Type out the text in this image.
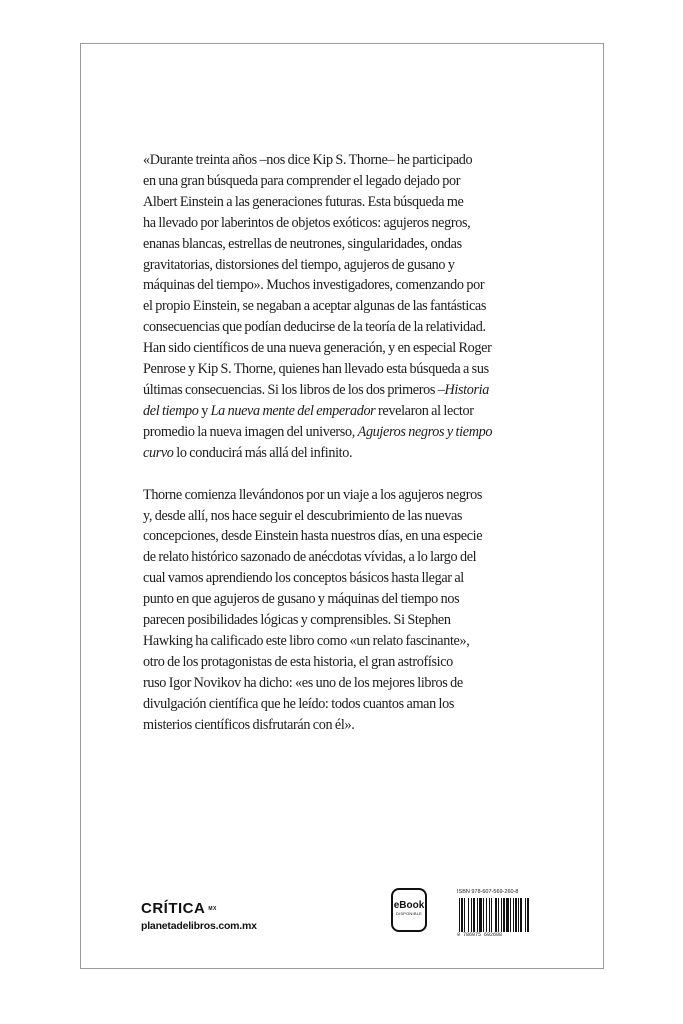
«Durante treinta años –nos dice Kip S. Thorne– he participado
en una gran búsqueda para comprender el legado dejado por
Albert Einstein a las generaciones futuras. Esta búsqueda me
ha llevado por laberintos de objetos exóticos: agujeros negros,
enanas blancas, estrellas de neutrones, singularidades, ondas
gravitatorias, distorsiones del tiempo, agujeros de gusano y
máquinas del tiempo». Muchos investigadores, comenzando por
el propio Einstein, se negaban a aceptar algunas de las fantásticas
consecuencias que podían deducirse de la teoría de la relatividad.
Han sido científicos de una nueva generación, y en especial Roger
Penrose y Kip S. Thorne, quienes han llevado esta búsqueda a sus
últimas consecuencias. Si los libros de los dos primeros –Historia
del tiempo y La nueva mente del emperador revelaron al lector
promedio la nueva imagen del universo, Agujeros negros y tiempo
curvo lo conducirá más allá del infinito.

Thorne comienza llevándonos por un viaje a los agujeros negros
y, desde allí, nos hace seguir el descubrimiento de las nuevas
concepciones, desde Einstein hasta nuestros días, en una especie
de relato histórico sazonado de anécdotas vívidas, a lo largo del
cual vamos aprendiendo los conceptos básicos hasta llegar al
punto en que agujeros de gusano y máquinas del tiempo nos
parecen posibilidades lógicas y comprensibles. Si Stephen
Hawking ha calificado este libro como «un relato fascinante»,
otro de los protagonistas de esta historia, el gran astrofísico
ruso Igor Novikov ha dicho: «es uno de los mejores libros de
divulgación científica que he leído: todos cuantos aman los
misterios científicos disfrutarán con él».

CRÍTICA MX
planetadelibros.com.mx
eBook
DISPONIBLE
ISBN 978-607-569-260-8
9 786075 692608
